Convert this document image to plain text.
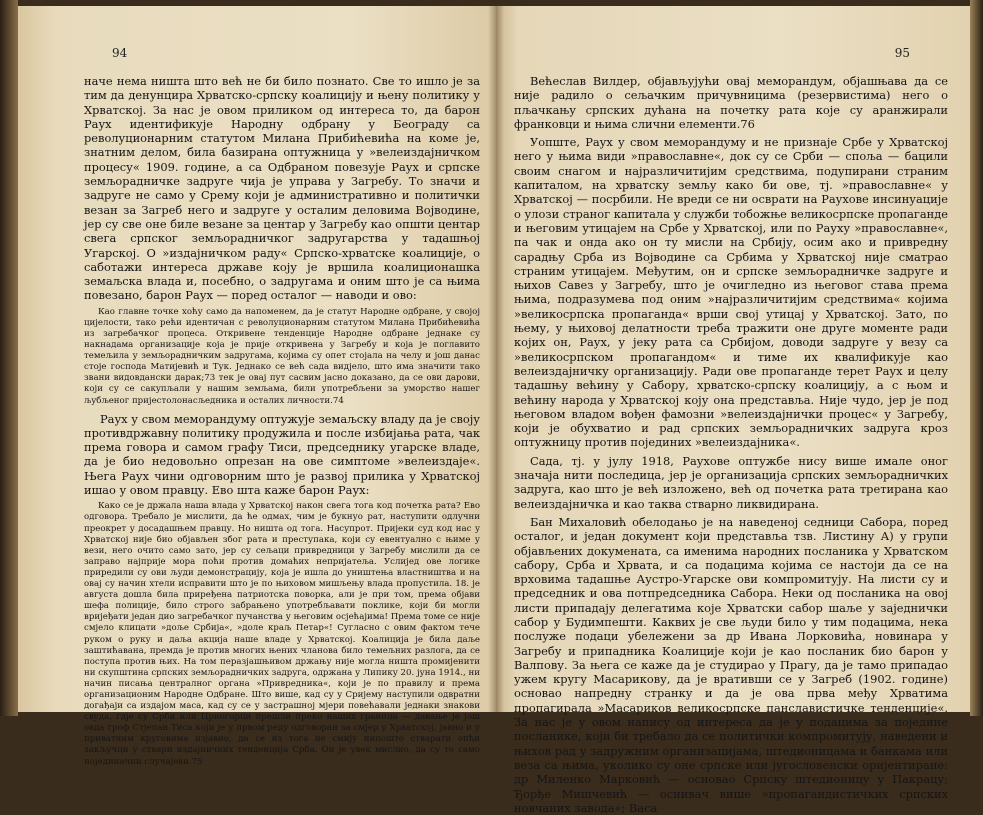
94

наче нема ништа што већ не би било познато. Све то ишло је за тим да денунцира Хрватско-српску коалицију и њену политику у Хрватској. За нас је овом приликом од интереса то, да барон Раух идентификује Народну одбрану у Београду са револуционарним статутом Милана Прибићевића на коме је, знатним делом, била базирана оптужница у »велеиздајничком процесу« 1909. године, а са Одбраном повезује Раух и српске земљорадничке задруге чија је управа у Загребу. То значи и задруге не само у Срему који је административно и политички везан за Загреб него и задруге у осталим деловима Војводине, јер су све оне биле везане за центар у Загребу као општи центар свега српског земљорадничког задругарства у тадашњој Угарској. О »издајничком раду« Српско-хрватске коалиције, о саботажи интереса државе коју је вршила коалиционашка земаљска влада и, посебно, о задругама и оним што је са њима повезано, барон Раух — поред осталог — наводи и ово:

Као главне точке хоћу само да напоменем, да је статут Народне одбране, у својој цијелости, тако рећи идентичан с револуционарним статутом Милана Прибићевића из загребачког процеса. Откривене тенденције Народне одбране једнаке су накнадама организације која је прије откривена у Загребу и која је поглавито темељила у земљорадничким задругама, којима су опет стојала на челу и још данас стоје господа Матијевић и Тук. Једнако се већ сада видјело, што има значити тако звани видовдански дарак;73 тек је овај пут сасвим јасно доказано, да се ови дарови, који су се сакупљали у нашим земљама, били употребљени за уморство нашег љубљеног пријестолонасљедника и осталих личности.74

Раух у свом меморандуму оптужује земаљску владу да је своју противдржавну политику продужила и после избијања рата, чак према говора и самом графу Тиси, председнику угарске владе, да је био недовољно опрезан на ове симптоме »велеиздаје«. Њега Раух чини одговорним што је развој прилика у Хрватској ишао у овом правцу. Ево шта каже барон Раух:

Како се је држала наша влада у Хрватској након свега тога код почетка рата? Ево одговора. Требало је мислити, да ће одмах, чим је букнуо рат, наступити одлучни преокрет у досадашњем правцу. Но ништа од тога. Насупрот. Пријеки суд код нас у Хрватској није био објављен због рата и преступака, који су евентуално с њиме у вези, него очито само зато, јер су сељаци привредници у Загребу мислили да се заправо најприје мора поћи против домаћих непријатеља. Услијед ове логике приредили су ови људи демонстрацију, која је ишла до уништења властништва и на овај су начин хтели исправити што је по њиховом мишљењу влада пропустила. 18. је августа дошла била приређена патриотска поворка, али је при том, према објави шефа полиције, било строго забрањено употребљавати поклике, који би могли вријеђати један дио загребачког пучанства у његовим осјећајима! Према томе се није смјело клицати »доље Србија«, »доле краљ Петар«! Сугласно с овим фактом тече руком о руку и даља акција наше владе у Хрватској. Коалиција је била даље заштићавана, премда је против многих њених чланова било темељних разлога, да се поступа против њих. На том перазјашњивом држању није могла ништа промијенити ни скупштина српских земљорадничких задруга, одржана у Липику 20. јуна 1914., ни начин писања централног органа »Привредника«, који је по правилу и према организационим Народне Одбране. Што више, кад су у Сријему наступили одвратни догађаји са издајом маса, кад су се у застрашној мјери повећавали једнаки знакови свуда, гдје су Срби или Црногорци прешли преко наших граница — давање је још овда гроф Стјепан Тиса који је у првом реду одговоран за смјер у Хрватској, јавно и у приватним круговима изјавио, да се из тога не смију нипошто стварати опћи закључци у ствари издајничких тенденција Срба. Он је увек мислио, да су то само појединачни случајеви.75

95

Већеслав Вилдер, објављујући овај меморандум, објашњава да се није радило о сељачким причувницима (резервистима) него о пљачкању српских дућана на почетку рата које су аранжирали франковци и њима слични елементи.76

Уопште, Раух у свом меморандуму и не признаје Србе у Хрватској него у њима види »православне«, док су се Срби — споља — бацили своим снагом и најразличитијим средствима, подупирани страним капиталом, на хрватску земљу како би ове, тј. »православне« у Хрватској — посрбили. Не вреди се ни осврати на Раухове инсинуације о улози страног капитала у служби тобожње великосрпске пропаганде и његовим утицајем на Србе у Хрватској, или по Рауху »православне«, па чак и онда ако он ту мисли на Србију, осим ако и привредну сарадњу Срба из Војводине са Србима у Хрватској није сматрао страним утицајем. Међутим, он и српске земљорадничке задруге и њихов Савез у Загребу, што је очигледно из његовог става према њима, подразумева под оним »најразличитијим средствима« којима »великосрпска пропаганда« врши свој утицај у Хрватској. Зато, по њему, у њиховој делатности треба тражити оне друге моменте ради којих он, Раух, у јеку рата са Србијом, доводи задруге у везу са »великосрпском пропагандом« и тиме их квалификује као велеиздајничку организацију. Ради ове пропаганде терет Раух и целу тадашњу већину у Сабору, хрватско-српску коалицију, а с њом и већину народа у Хрватској коју она представља. Није чудо, јер је под његовом владом вођен фамозни »велеиздајнички процес« у Загребу, који је обухватио и рад српских земљорадничких задруга кроз оптужницу против појединих »велеиздајника«.

Сада, тј. у јулу 1918, Раухове оптужбе нису више имале оног значаја нити последица, јер је организација српских земљорадничких задруга, као што је већ изложено, већ од почетка рата третирана као велеиздајничка и као таква стварно ликвидирана.

Бан Михаловић обелодањо је на наведеној седници Сабора, поред осталог, и један документ који представља тзв. Листину А) у групи објављених докумената, са именима народних посланика у Хрватском сабору, Срба и Хрвата, и са подацима којима се настоји да се на врховима тадашње Аустро-Угарске ови компромитују. На листи су и председник и ова потпредседника Сабора. Неки од посланика на овој листи припадају делегатима које Хрватски сабор шаље у заједнички сабор у Будимпешти. Каквих је све људи било у тим подацима, нека послуже подаци убележени за др Ивана Лорковића, новинара у Загребу и припадника Коалиције који је као посланик био барон у Валпову. За њега се каже да је студирао у Прагу, да је тамо припадао ужем кругу Масарикову, да је вративши се у Загреб (1902. године) основао напредну странку и да је ова прва међу Хрватима пропагирала »Масариков великосрпске панславистичке тенденције«. За нас је у овом напису од интереса да је у подацима за поједине посланике, који би требало да се политички компромитују, наведени и њихов рад у задружним организацијама, штедионицама и банкама или веза са њима, уколико су оне српске или југословенски оријентиране: др Миленко Марковић — основао Српску штедионицу у Пакрацу; Ђорђе Мишчевић — оснивач више »пропагандистичких српских новчаних завода«; Васа
